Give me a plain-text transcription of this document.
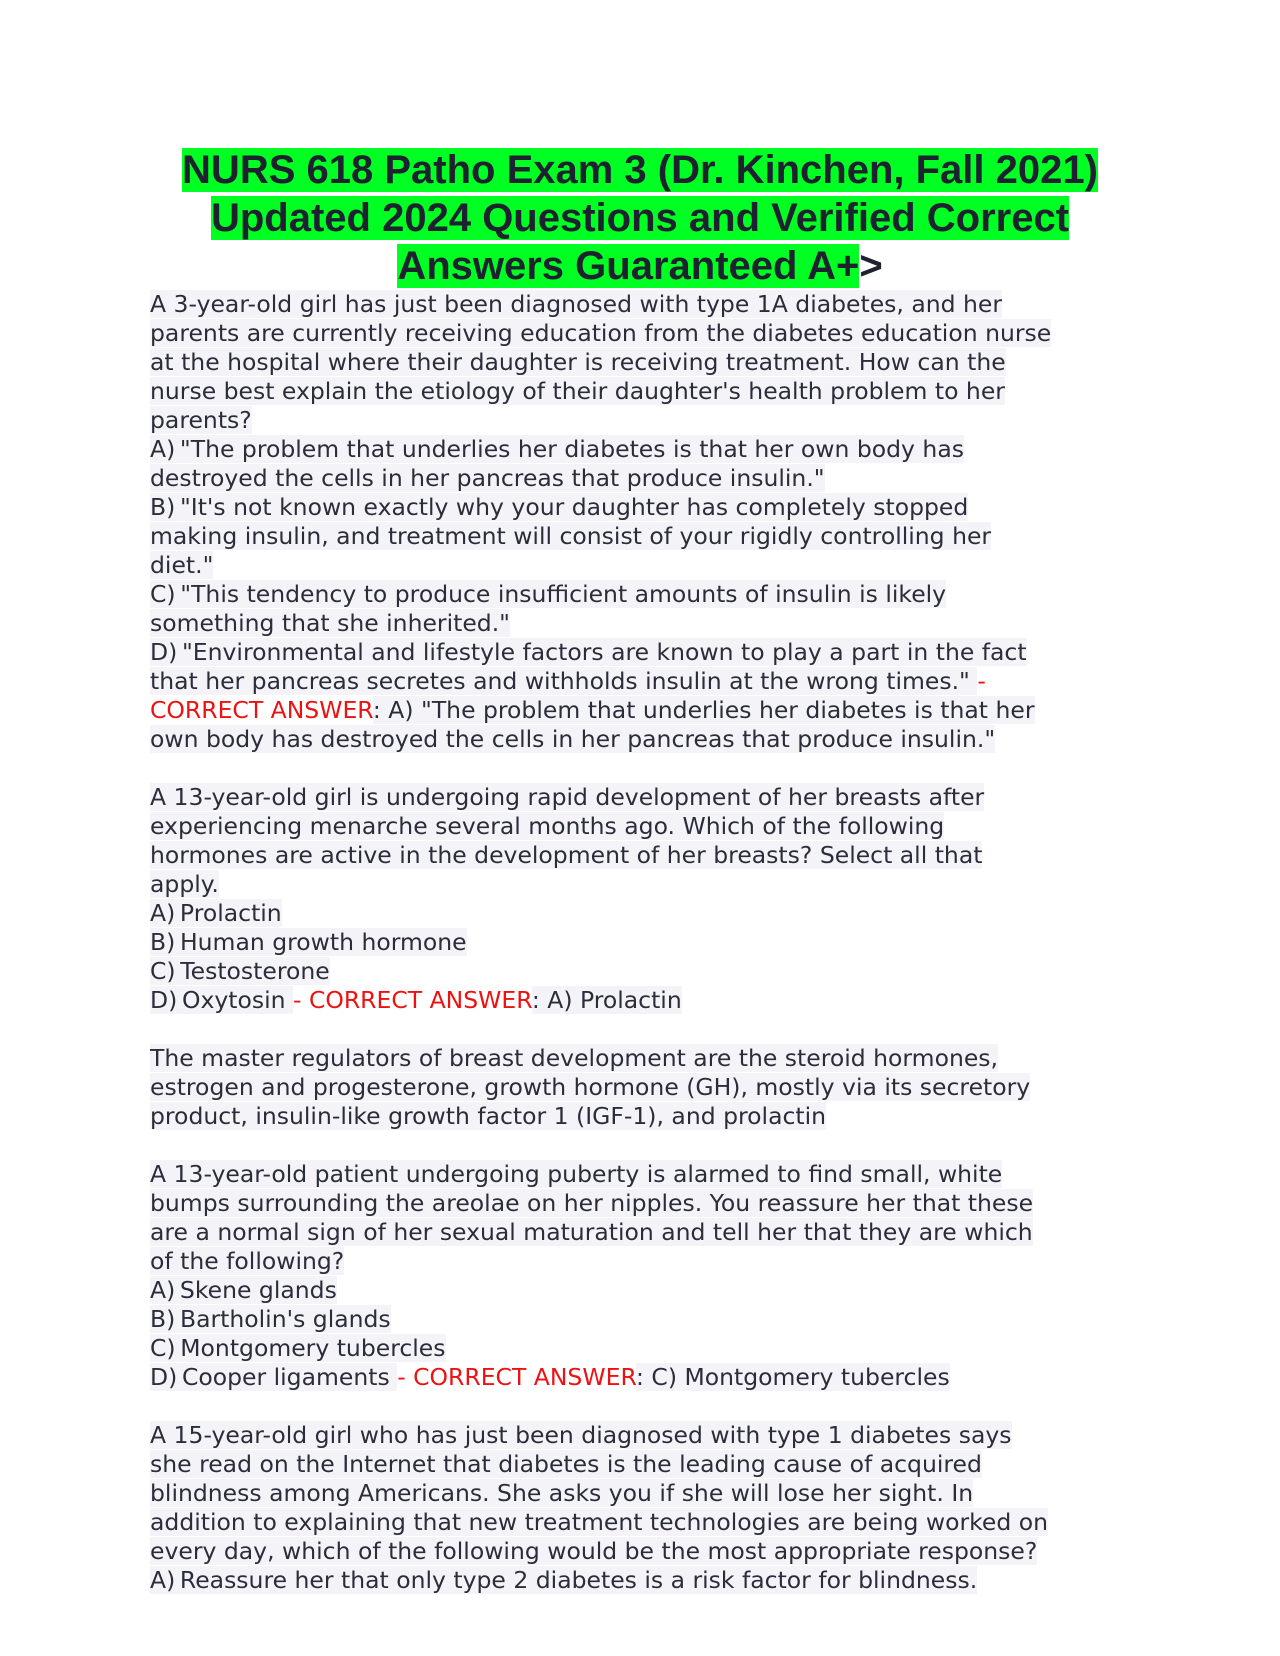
NURS 618 Patho Exam 3 (Dr. Kinchen, Fall 2021)
Updated 2024 Questions and Verified Correct
Answers Guaranteed A+>
A 3-year-old girl has just been diagnosed with type 1A diabetes, and her
parents are currently receiving education from the diabetes education nurse
at the hospital where their daughter is receiving treatment. How can the
nurse best explain the etiology of their daughter's health problem to her
parents?
A) "The problem that underlies her diabetes is that her own body has
destroyed the cells in her pancreas that produce insulin."
B) "It's not known exactly why your daughter has completely stopped
making insulin, and treatment will consist of your rigidly controlling her
diet."
C) "This tendency to produce insufficient amounts of insulin is likely
something that she inherited."
D) "Environmental and lifestyle factors are known to play a part in the fact
that her pancreas secretes and withholds insulin at the wrong times." -
CORRECT ANSWER: A) "The problem that underlies her diabetes is that her
own body has destroyed the cells in her pancreas that produce insulin."
A 13-year-old girl is undergoing rapid development of her breasts after
experiencing menarche several months ago. Which of the following
hormones are active in the development of her breasts? Select all that
apply.
A) Prolactin
B) Human growth hormone
C) Testosterone
D) Oxytosin - CORRECT ANSWER: A) Prolactin
The master regulators of breast development are the steroid hormones,
estrogen and progesterone, growth hormone (GH), mostly via its secretory
product, insulin-like growth factor 1 (IGF-1), and prolactin
A 13-year-old patient undergoing puberty is alarmed to find small, white
bumps surrounding the areolae on her nipples. You reassure her that these
are a normal sign of her sexual maturation and tell her that they are which
of the following?
A) Skene glands
B) Bartholin's glands
C) Montgomery tubercles
D) Cooper ligaments - CORRECT ANSWER: C) Montgomery tubercles
A 15-year-old girl who has just been diagnosed with type 1 diabetes says
she read on the Internet that diabetes is the leading cause of acquired
blindness among Americans. She asks you if she will lose her sight. In
addition to explaining that new treatment technologies are being worked on
every day, which of the following would be the most appropriate response?
A) Reassure her that only type 2 diabetes is a risk factor for blindness.
